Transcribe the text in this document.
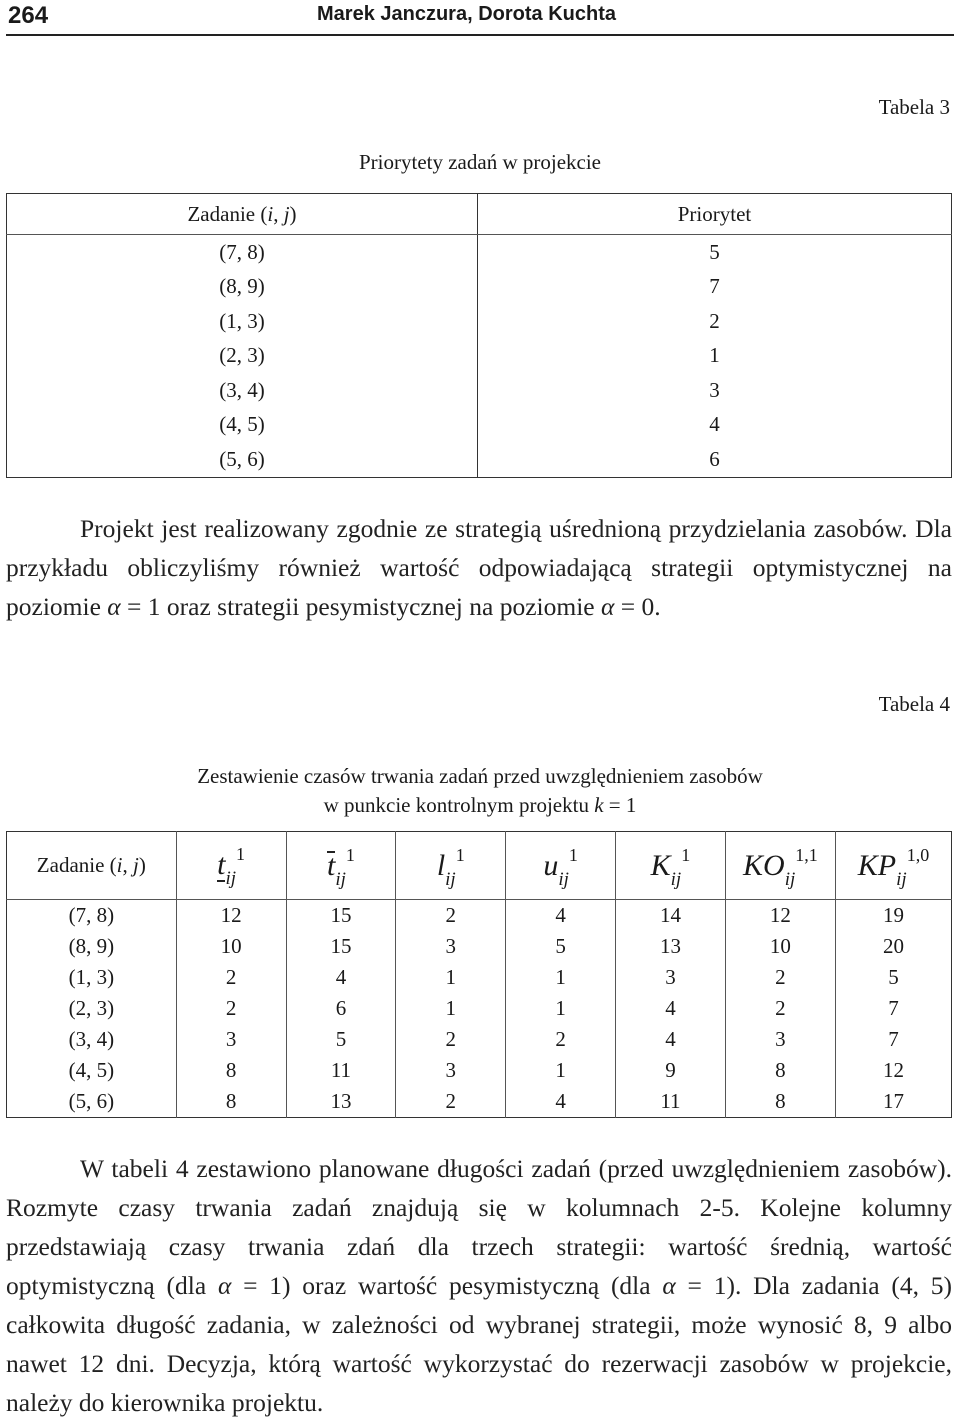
264	Marek Janczura, Dorota Kuchta
Tabela 3
Priorytety zadań w projekcie
Zadanie (i, j)	Priorytet
(7, 8)	5
(8, 9)	7
(1, 3)	2
(2, 3)	1
(3, 4)	3
(4, 5)	4
(5, 6)	6
Projekt jest realizowany zgodnie ze strategią uśrednioną przydzielania zasobów. Dla przykładu obliczyliśmy również wartość odpowiadającą strategii optymistycznej na poziomie α = 1 oraz strategii pesymistycznej na poziomie α = 0.
Tabela 4
Zestawienie czasów trwania zadań przed uwzględnieniem zasobów
w punkcie kontrolnym projektu k = 1
Zadanie (i, j)	tij1	tij1	lij1	uij1	Kij1	KOij1,1	KPij1,0
(7, 8)	12	15	2	4	14	12	19
(8, 9)	10	15	3	5	13	10	20
(1, 3)	2	4	1	1	3	2	5
(2, 3)	2	6	1	1	4	2	7
(3, 4)	3	5	2	2	4	3	7
(4, 5)	8	11	3	1	9	8	12
(5, 6)	8	13	2	4	11	8	17
W tabeli 4 zestawiono planowane długości zadań (przed uwzględnieniem zasobów). Rozmyte czasy trwania zadań znajdują się w kolumnach 2-5. Kolejne kolumny przedstawiają czasy trwania zdań dla trzech strategii: wartość średnią, wartość optymistyczną (dla α = 1) oraz wartość pesymistyczną (dla α = 1). Dla zadania (4, 5) całkowita długość zadania, w zależności od wybranej strategii, może wynosić 8, 9 albo nawet 12 dni. Decyzja, którą wartość wykorzystać do rezerwacji zasobów w projekcie, należy do kierownika projektu.
